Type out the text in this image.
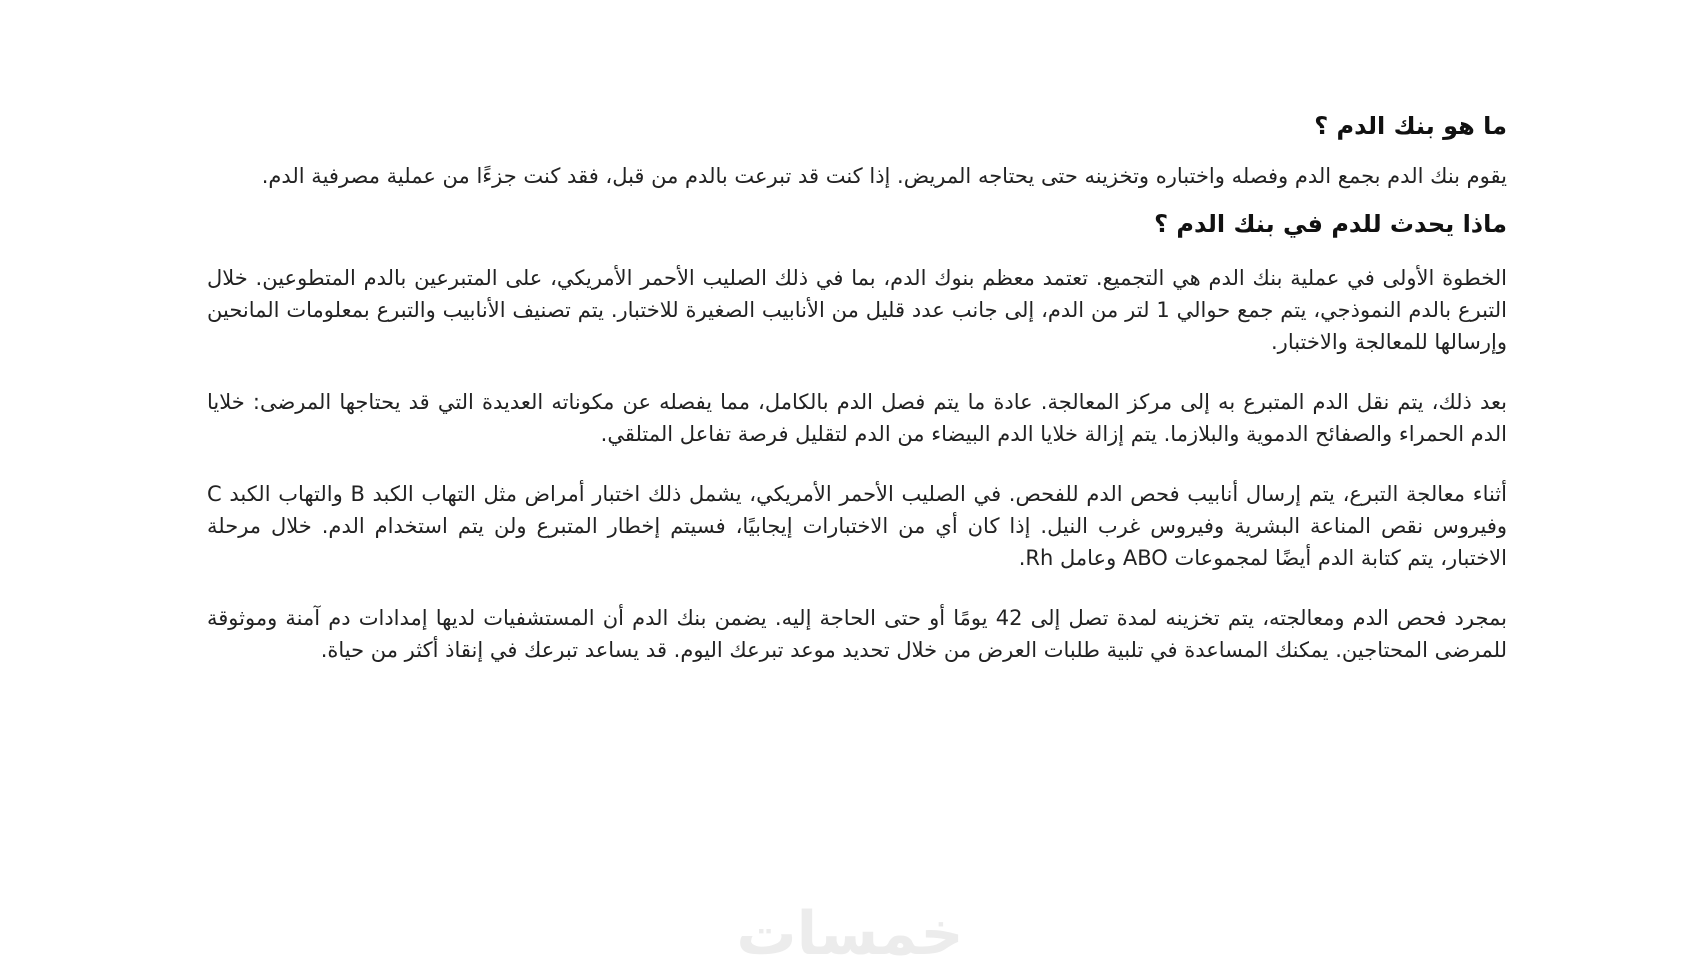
ما هو بنك الدم ؟

يقوم بنك الدم بجمع الدم وفصله واختباره وتخزينه حتى يحتاجه المريض. إذا كنت قد تبرعت بالدم من قبل، فقد كنت جزءًا من عملية مصرفية الدم.

ماذا يحدث للدم في بنك الدم ؟

الخطوة الأولى في عملية بنك الدم هي التجميع. تعتمد معظم بنوك الدم، بما في ذلك الصليب الأحمر الأمريكي، على المتبرعين بالدم المتطوعين. خلال التبرع بالدم النموذجي، يتم جمع حوالي 1 لتر من الدم، إلى جانب عدد قليل من الأنابيب الصغيرة للاختبار. يتم تصنيف الأنابيب والتبرع بمعلومات المانحين وإرسالها للمعالجة والاختبار.

بعد ذلك، يتم نقل الدم المتبرع به إلى مركز المعالجة. عادة ما يتم فصل الدم بالكامل، مما يفصله عن مكوناته العديدة التي قد يحتاجها المرضى: خلايا الدم الحمراء والصفائح الدموية والبلازما. يتم إزالة خلايا الدم البيضاء من الدم لتقليل فرصة تفاعل المتلقي.

أثناء معالجة التبرع، يتم إرسال أنابيب فحص الدم للفحص. في الصليب الأحمر الأمريكي، يشمل ذلك اختبار أمراض مثل التهاب الكبد B والتهاب الكبد C وفيروس نقص المناعة البشرية وفيروس غرب النيل. إذا كان أي من الاختبارات إيجابيًا، فسيتم إخطار المتبرع ولن يتم استخدام الدم. خلال مرحلة الاختبار، يتم كتابة الدم أيضًا لمجموعات ABO وعامل Rh.

بمجرد فحص الدم ومعالجته، يتم تخزينه لمدة تصل إلى 42 يومًا أو حتى الحاجة إليه. يضمن بنك الدم أن المستشفيات لديها إمدادات دم آمنة وموثوقة للمرضى المحتاجين. يمكنك المساعدة في تلبية طلبات العرض من خلال تحديد موعد تبرعك اليوم. قد يساعد تبرعك في إنقاذ أكثر من حياة.

خمسات
